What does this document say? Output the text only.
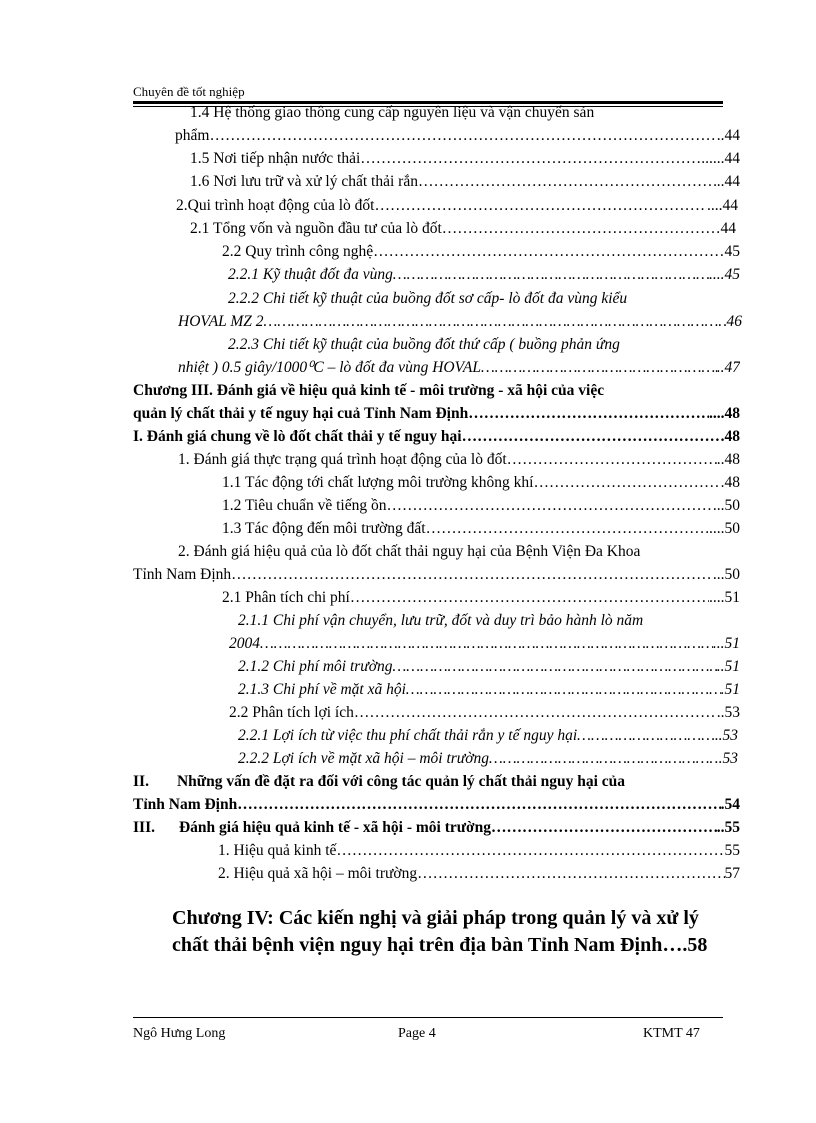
Chuyên đề tốt nghiệp
1.4 Hệ thống giao thông cung cấp nguyên liệu và vận chuyển sản
phẩm ……………………………………………………………………………………………………………………………………………………………………………………………………	..44
1.5 Nơi tiếp nhận nước thải ……………………………………………………………………………………………………………………………………………………………………………………………………	......44
1.6 Nơi lưu trữ và xử lý chất thải rắn ……………………………………………………………………………………………………………………………………………………………………………………………………	..44
2.Qui trình hoạt động của lò đốt ……………………………………………………………………………………………………………………………………………………………………………………………………	....44
2.1 Tổng vốn và nguồn đầu tư của lò đốt ……………………………………………………………………………………………………………………………………………………………………………………………………	44
2.2 Quy trình công nghệ ……………………………………………………………………………………………………………………………………………………………………………………………………	45
2.2.1 Kỹ thuật đốt đa vùng ……………………………………………………………………………………………………………………………………………………………………………………………………	....45
2.2.2 Chi tiết kỹ thuật của buồng đốt sơ cấp- lò đốt đa vùng kiểu
HOVAL MZ 2 ……………………………………………………………………………………………………………………………………………………………………………………………………	46
2.2.3 Chi tiết kỹ thuật của buồng đốt thứ cấp ( buồng phản ứng
nhiệt ) 0.5 giây/1000⁰C – lò đốt đa vùng HOVAL ……………………………………………………………………………………………………………………………………………………………………………………………………	..47
Chương III. Đánh giá về hiệu quả kinh tế - môi trường - xã hội của việc
quản lý chất thải y tế nguy hại cuả Tỉnh Nam Định ……………………………………………………………………………………………………………………………………………………………………………………………………	....48
I. Đánh giá chung về lò đốt chất thải y tế nguy hại ……………………………………………………………………………………………………………………………………………………………………………………………………	.48
1. Đánh giá thực trạng quá trình hoạt động của lò đốt ……………………………………………………………………………………………………………………………………………………………………………………………………	..48
1.1 Tác động tới chất lượng môi trường không khí ……………………………………………………………………………………………………………………………………………………………………………………………………	.48
1.2 Tiêu chuẩn về tiếng ồn ……………………………………………………………………………………………………………………………………………………………………………………………………	...50
1.3 Tác động đến môi trường đất ……………………………………………………………………………………………………………………………………………………………………………………………………	....50
2. Đánh giá hiệu quả của lò đốt chất thải nguy hại của Bệnh Viện Đa Khoa
Tỉnh Nam Định ……………………………………………………………………………………………………………………………………………………………………………………………………	...50
2.1 Phân tích chi phí ……………………………………………………………………………………………………………………………………………………………………………………………………	....51
2.1.1 Chi phí vận chuyển, lưu trữ, đốt và duy trì bảo hành lò năm
2004 ……………………………………………………………………………………………………………………………………………………………………………………………………	...51
2.1.2 Chi phí môi trường ……………………………………………………………………………………………………………………………………………………………………………………………………	..51
2.1.3 Chi phí về mặt xã hội ……………………………………………………………………………………………………………………………………………………………………………………………………	.51
2.2 Phân tích lợi ích ……………………………………………………………………………………………………………………………………………………………………………………………………	..53
2.2.1 Lợi ích từ việc thu phí chất thải rắn y tế nguy hại ……………………………………………………………………………………………………………………………………………………………………………………………………	.53
2.2.2 Lợi ích về mặt xã hội – môi trường ……………………………………………………………………………………………………………………………………………………………………………………………………	..53
II. Những vấn đề đặt ra đối với công tác quản lý chất thải nguy hại của
Tỉnh Nam Định ……………………………………………………………………………………………………………………………………………………………………………………………………	.54
III. Đánh giá hiệu quả kinh tế - xã hội - môi trường ……………………………………………………………………………………………………………………………………………………………………………………………………	..55
1. Hiệu quả kinh tế ……………………………………………………………………………………………………………………………………………………………………………………………………	55
2. Hiệu quả xã hội – môi trường ……………………………………………………………………………………………………………………………………………………………………………………………………	57
Chương IV: Các kiến nghị và giải pháp trong quản lý và xử lý
chất thải bệnh viện nguy hại trên địa bàn Tỉnh Nam Định….58
Ngô Hưng Long	Page 4	KTMT 47
